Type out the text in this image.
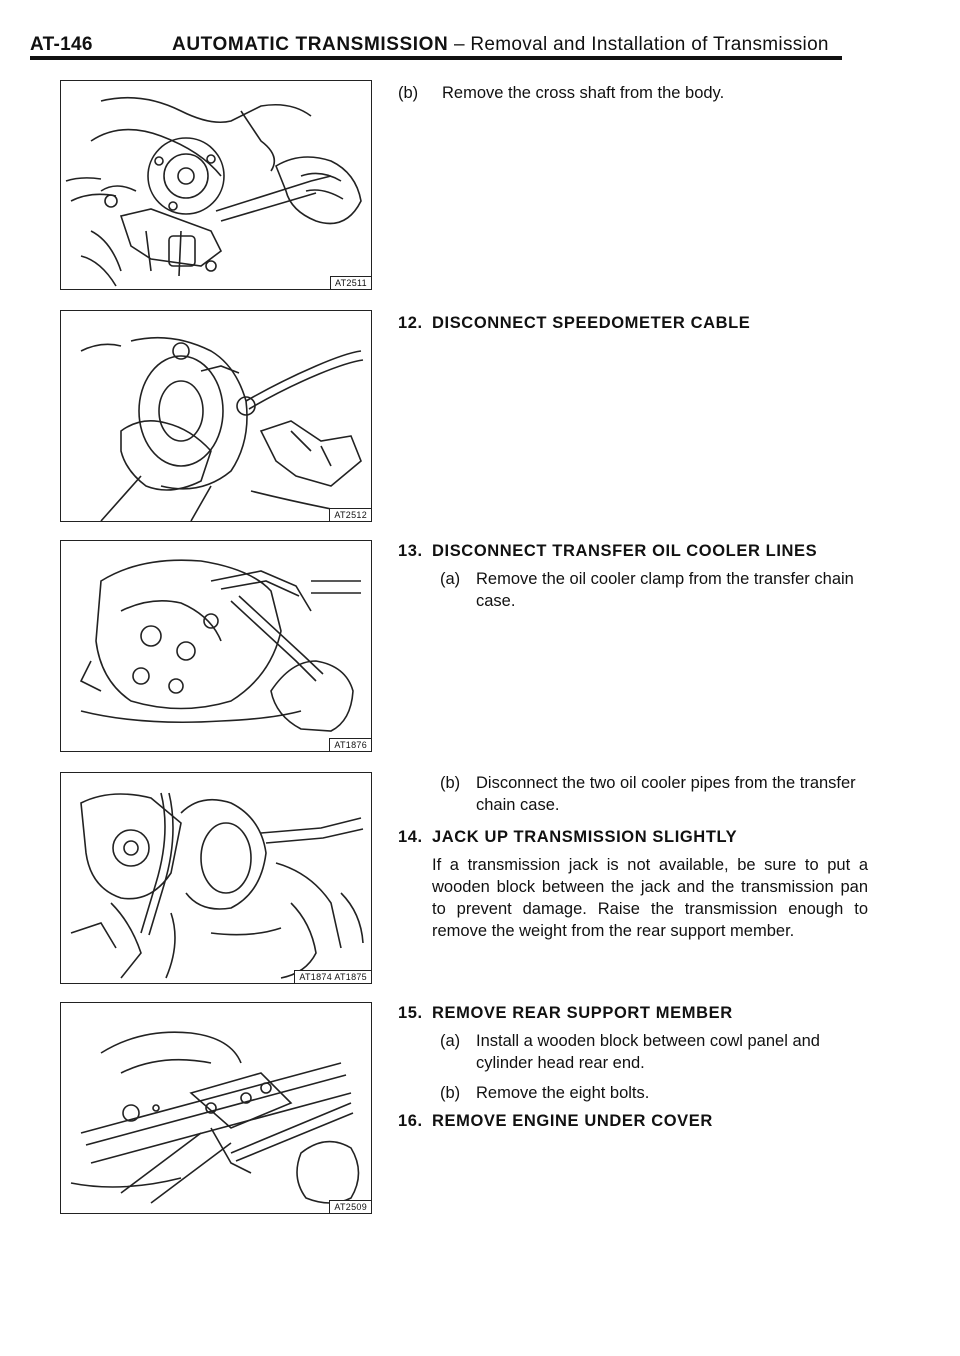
AT-146	AUTOMATIC TRANSMISSION – Removal and Installation of Transmission
AT2511
AT2512
AT1876
AT1874 AT1875
AT2509
(b) Remove the cross shaft from the body.
12. DISCONNECT SPEEDOMETER CABLE
13. DISCONNECT TRANSFER OIL COOLER LINES
(a) Remove the oil cooler clamp from the transfer chain case.
(b) Disconnect the two oil cooler pipes from the transfer chain case.
14. JACK UP TRANSMISSION SLIGHTLY
If a transmission jack is not available, be sure to put a wooden block between the jack and the transmission pan to prevent damage. Raise the transmission enough to remove the weight from the rear support member.
15. REMOVE REAR SUPPORT MEMBER
(a) Install a wooden block between cowl panel and cylinder head rear end.
(b) Remove the eight bolts.
16. REMOVE ENGINE UNDER COVER
